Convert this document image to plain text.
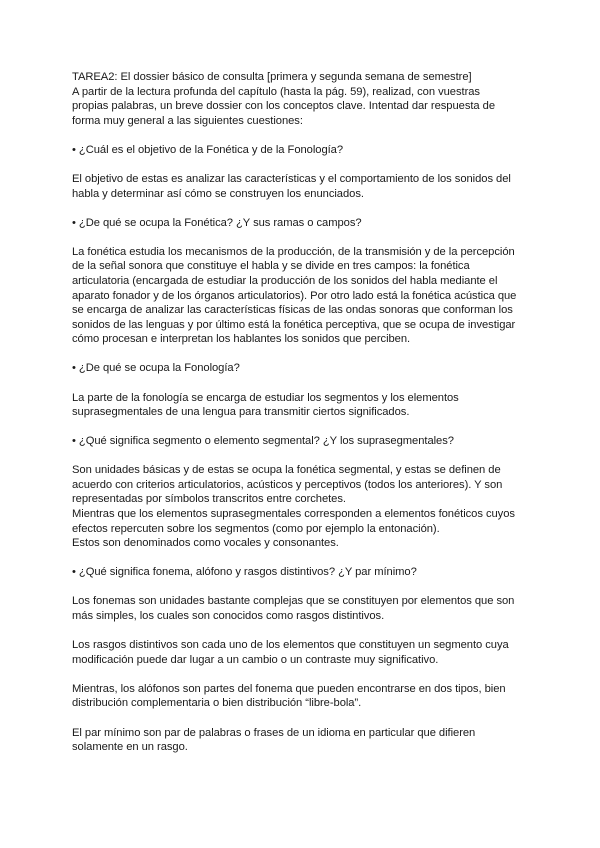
TAREA2: El dossier básico de consulta [primera y segunda semana de semestre]

A partir de la lectura profunda del capítulo (hasta la pág. 59), realizad, con vuestras
propias palabras, un breve dossier con los conceptos clave. Intentad dar respuesta de
forma muy general a las siguientes cuestiones:

• ¿Cuál es el objetivo de la Fonética y de la Fonología?

El objetivo de estas es analizar las características y el comportamiento de los sonidos del
habla y determinar así cómo se construyen los enunciados.

• ¿De qué se ocupa la Fonética? ¿Y sus ramas o campos?

La fonética estudia los mecanismos de la producción, de la transmisión y de la percepción
de la señal sonora que constituye el habla y se divide en tres campos: la fonética
articulatoria (encargada de estudiar la producción de los sonidos del habla mediante el
aparato fonador y de los órganos articulatorios). Por otro lado está la fonética acústica que
se encarga de analizar las características físicas de las ondas sonoras que conforman los
sonidos de las lenguas y por último está la fonética perceptiva, que se ocupa de investigar
cómo procesan e interpretan los hablantes los sonidos que perciben.

• ¿De qué se ocupa la Fonología?

La parte de la fonología se encarga de estudiar los segmentos y los elementos
suprasegmentales de una lengua para transmitir ciertos significados.

• ¿Qué significa segmento o elemento segmental? ¿Y los suprasegmentales?

Son unidades básicas y de estas se ocupa la fonética segmental, y estas se definen de
acuerdo con criterios articulatorios, acústicos y perceptivos (todos los anteriores). Y son
representadas por símbolos transcritos entre corchetes.
Mientras que los elementos suprasegmentales corresponden a elementos fonéticos cuyos
efectos repercuten sobre los segmentos (como por ejemplo la entonación).
Estos son denominados como vocales y consonantes.

• ¿Qué significa fonema, alófono y rasgos distintivos? ¿Y par mínimo?

Los fonemas son unidades bastante complejas que se constituyen por elementos que son
más simples, los cuales son conocidos como rasgos distintivos.

Los rasgos distintivos son cada uno de los elementos que constituyen un segmento cuya
modificación puede dar lugar a un cambio o un contraste muy significativo.

Mientras, los alófonos son partes del fonema que pueden encontrarse en dos tipos, bien
distribución complementaria o bien distribución “libre-bola”.

El par mínimo son par de palabras o frases de un idioma en particular que difieren
solamente en un rasgo.
